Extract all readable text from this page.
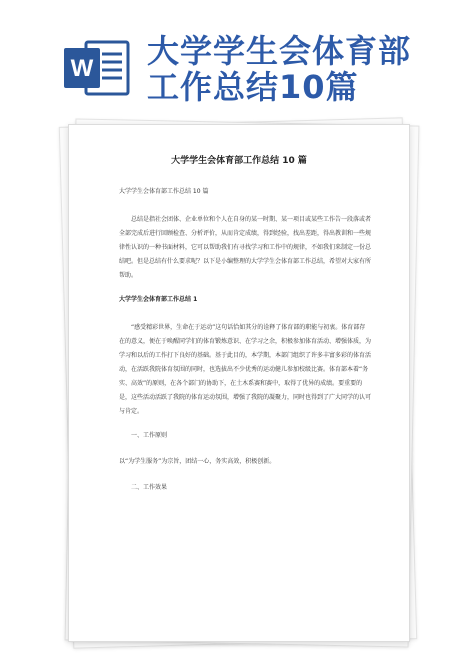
W 大学学生会体育部
工作总结10篇
大学学生会体育部工作总结 10 篇
大学学生会体育部工作总结 10 篇
总结是指社会团体、企业单位和个人在自身的某一时期、某一项目或某些工作告一段落或者全部完成后进行回顾检查、分析评价，从而肯定成绩，得到经验，找出差距，得出教训和一些规律性认识的一种书面材料，它可以帮助我们有寻找学习和工作中的规律，不如我们来制定一份总结吧。但是总结有什么要求呢？以下是小编整理的大学学生会体育部工作总结，希望对大家有所帮助。
大学学生会体育部工作总结 1
“感受精彩世界，生命在于运动”这句话恰如其分的诠释了体育部的职能与初衷。体育部存在的意义，便在于唤醒同学们的体育锻炼意识、在学习之余，积极参加体育活动、增强体质，为学习和以后的工作打下良好的基础。基于此目的，本学期，本部门组织了许多丰富多彩的体育活动，在活跃我院体育氛围的同时，也选拔出不少优秀的运动健儿参加校级比赛。体育部本着“务实、高效”的原则，在各个部门的协助下，在土木系赛和赛中，取得了优异的成绩。要重要的是，这些活动活跃了我院的体育运动氛围，增强了我院的凝聚力，同时也得到了广大同学的认可与肯定。
一、工作原则
以“为学生服务”为宗旨，团结一心，务实高效，积极创新。
二、工作效果
